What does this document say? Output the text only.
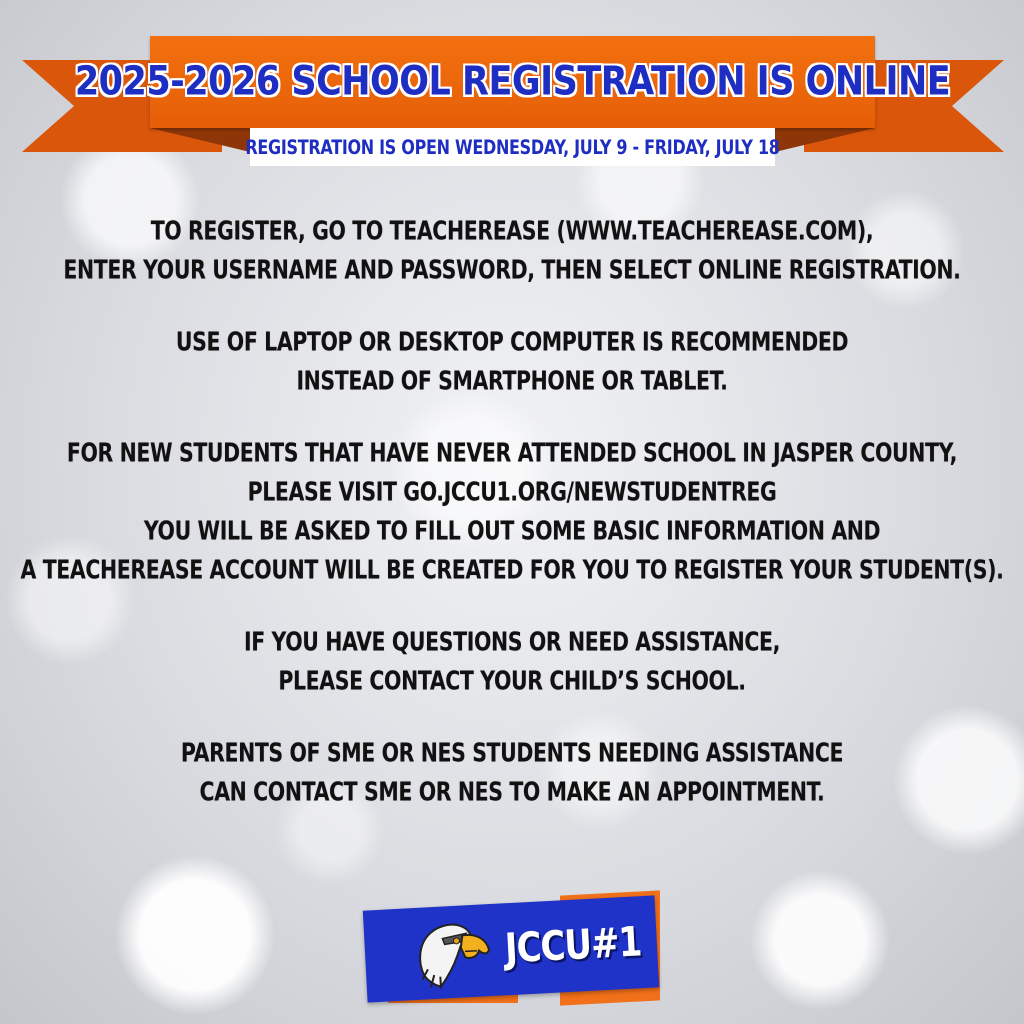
2025-2026 SCHOOL REGISTRATION IS ONLINE
REGISTRATION IS OPEN WEDNESDAY, JULY 9 - FRIDAY, JULY 18
TO REGISTER, GO TO TEACHEREASE (WWW.TEACHEREASE.COM),
ENTER YOUR USERNAME AND PASSWORD, THEN SELECT ONLINE REGISTRATION.
USE OF LAPTOP OR DESKTOP COMPUTER IS RECOMMENDED
INSTEAD OF SMARTPHONE OR TABLET.
FOR NEW STUDENTS THAT HAVE NEVER ATTENDED SCHOOL IN JASPER COUNTY,
PLEASE VISIT GO.JCCU1.ORG/NEWSTUDENTREG
YOU WILL BE ASKED TO FILL OUT SOME BASIC INFORMATION AND
A TEACHEREASE ACCOUNT WILL BE CREATED FOR YOU TO REGISTER YOUR STUDENT(S).
IF YOU HAVE QUESTIONS OR NEED ASSISTANCE,
PLEASE CONTACT YOUR CHILD’S SCHOOL.
PARENTS OF SME OR NES STUDENTS NEEDING ASSISTANCE
CAN CONTACT SME OR NES TO MAKE AN APPOINTMENT.
JCCU#1
